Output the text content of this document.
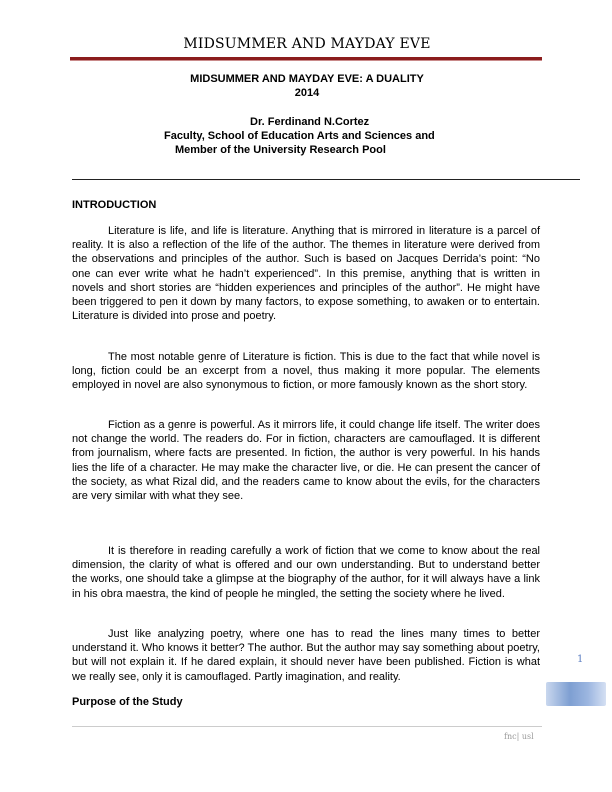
MIDSUMMER AND MAYDAY EVE
MIDSUMMER AND MAYDAY EVE: A DUALITY
2014
Dr. Ferdinand N.Cortez
Faculty, School of Education Arts and Sciences and
Member of the University Research Pool
INTRODUCTION

Literature is life, and life is literature. Anything that is mirrored in literature is a parcel of reality. It is also a reflection of the life of the author. The themes in literature were derived from the observations and principles of the author. Such is based on Jacques Derrida’s point: “No one can ever write what he hadn’t experienced”. In this premise, anything that is written in novels and short stories are “hidden experiences and principles of the author”. He might have been triggered to pen it down by many factors, to expose something, to awaken or to entertain. Literature is divided into prose and poetry.

The most notable genre of Literature is fiction. This is due to the fact that while novel is long, fiction could be an excerpt from a novel, thus making it more popular. The elements employed in novel are also synonymous to fiction, or more famously known as the short story.

Fiction as a genre is powerful. As it mirrors life, it could change life itself. The writer does not change the world. The readers do. For in fiction, characters are camouflaged. It is different from journalism, where facts are presented. In fiction, the author is very powerful. In his hands lies the life of a character. He may make the character live, or die. He can present the cancer of the society, as what Rizal did, and the readers came to know about the evils, for the characters are very similar with what they see.

It is therefore in reading carefully a work of fiction that we come to know about the real dimension, the clarity of what is offered and our own understanding. But to understand better the works, one should take a glimpse at the biography of the author, for it will always have a link in his obra maestra, the kind of people he mingled, the setting the society where he lived.

Just like analyzing poetry, where one has to read the lines many times to better understand it. Who knows it better? The author. But the author may say something about poetry, but will not explain it. If he dared explain, it should never have been published. Fiction is what we really see, only it is camouflaged. Partly imagination, and reality.

Purpose of the Study
1
fnc| usl
